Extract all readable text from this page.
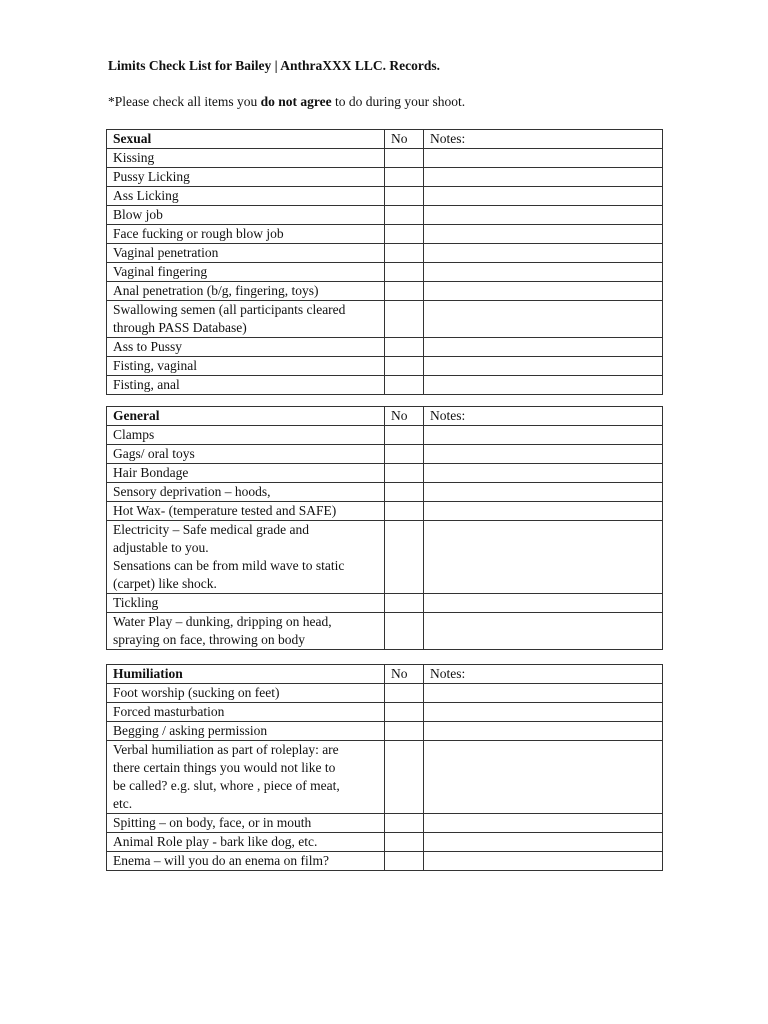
Limits Check List for Bailey | AnthraXXX LLC. Records.
*Please check all items you do not agree to do during your shoot.
Sexual	No	Notes:

Kissing		

Pussy Licking		

Ass Licking		

Blow job		

Face fucking or rough blow job		

Vaginal penetration		

Vaginal fingering		

Anal penetration (b/g, fingering, toys)		

Swallowing semen (all participants cleared
through PASS Database)		

Ass to Pussy		

Fisting, vaginal		

Fisting, anal		

General	No	Notes:

Clamps		

Gags/ oral toys		

Hair Bondage		

Sensory deprivation – hoods,		

Hot Wax- (temperature tested and SAFE)		

Electricity – Safe medical grade and
adjustable to you.
Sensations can be from mild wave to static
(carpet) like shock.		

Tickling		

Water Play – dunking, dripping on head,
spraying on face, throwing on body		

Humiliation	No	Notes:

Foot worship (sucking on feet)		

Forced masturbation		

Begging / asking permission		

Verbal humiliation as part of roleplay: are
there certain things you would not like to
be called? e.g. slut, whore , piece of meat,
etc.		

Spitting – on body, face, or in mouth		

Animal Role play - bark like dog, etc.		

Enema – will you do an enema on film?		
